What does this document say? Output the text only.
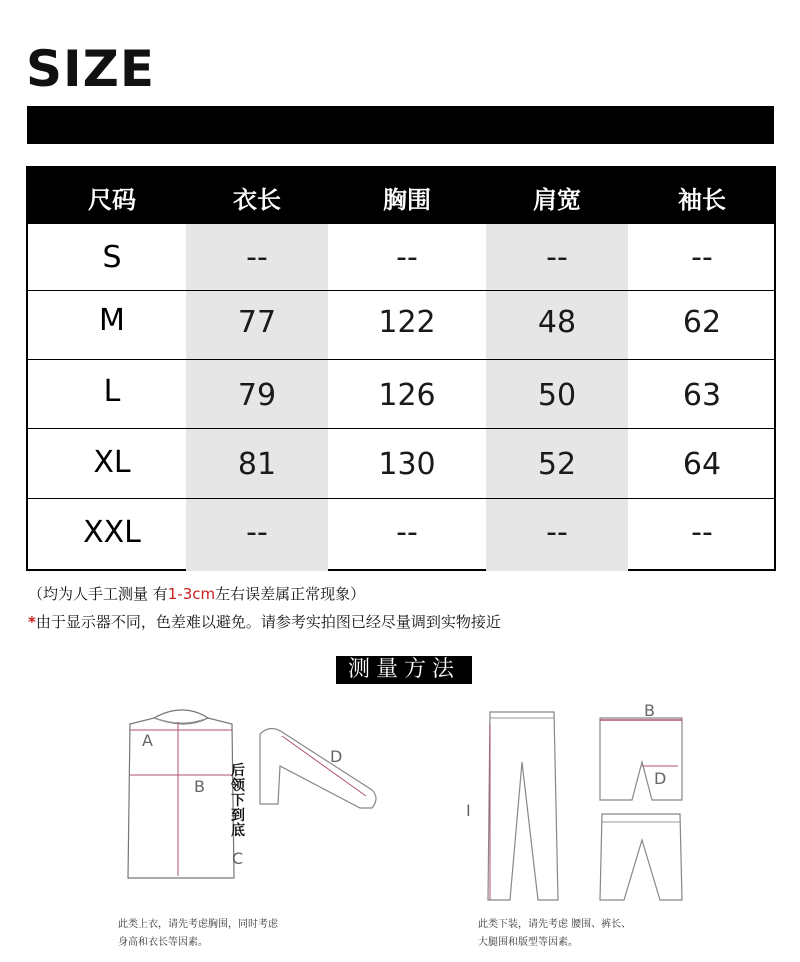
SIZE
尺码	衣长	胸围	肩宽	袖长
S	--	--	--	--
M	77	122	48	62
L	79	126	50	63
XL	81	130	52	64
XXL	--	--	--	--
（均为人手工测量 有1-3cm左右误差属正常现象）
*由于显示器不同，色差难以避免。请参考实拍图已经尽量调到实物接近
测量方法
A
B
C
D
后领下到底
此类上衣，请先考虑胸围，同时考虑
身高和衣长等因素。
I
B
D
此类下装，请先考虑 腰围、裤长、
大腿围和版型等因素。
